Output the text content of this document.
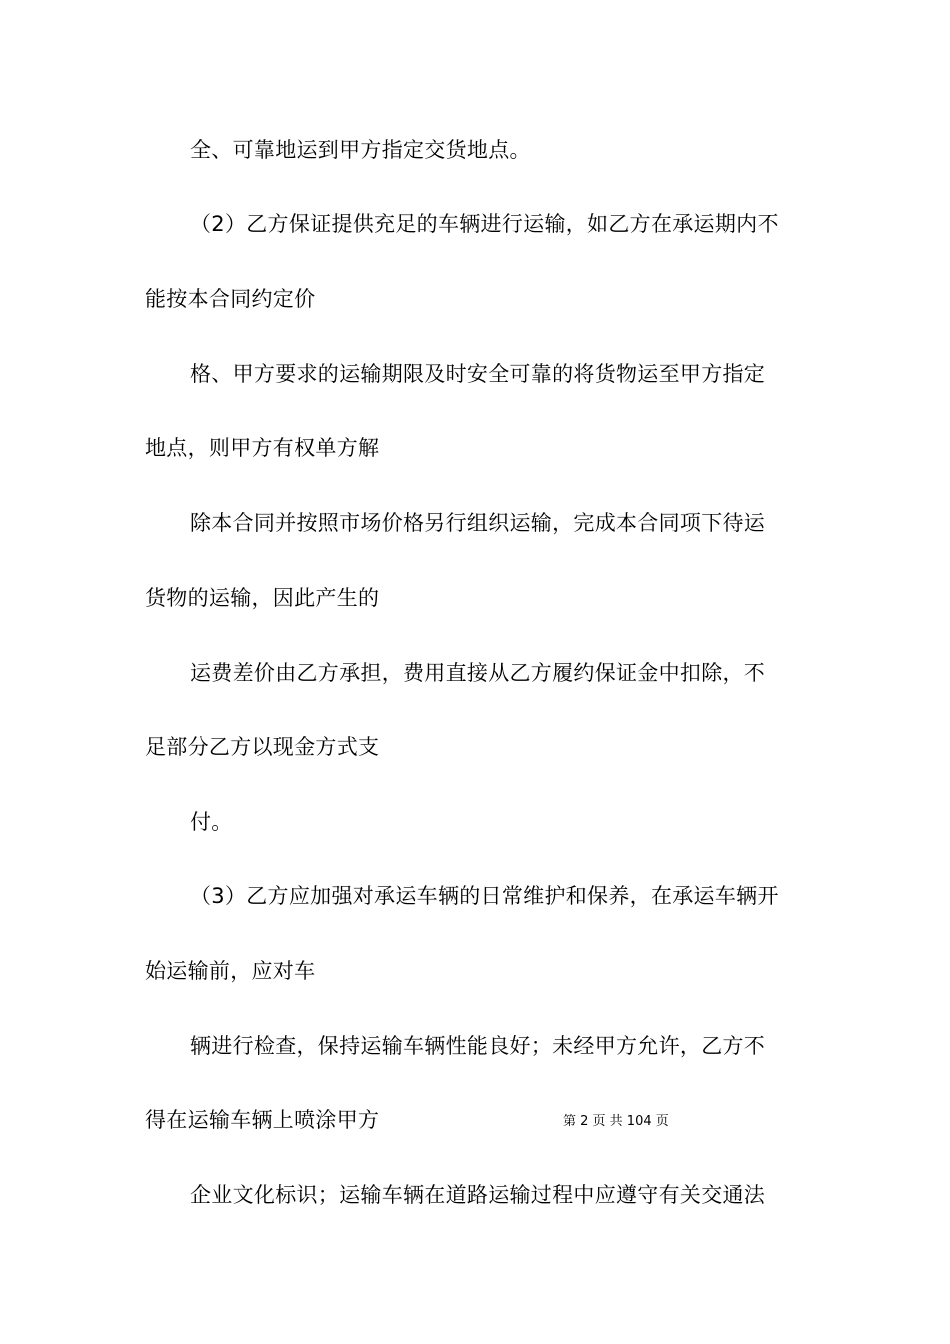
全、可靠地运到甲方指定交货地点。
（2）乙方保证提供充足的车辆进行运输，如乙方在承运期内不
能按本合同约定价
格、甲方要求的运输期限及时安全可靠的将货物运至甲方指定
地点，则甲方有权单方解
除本合同并按照市场价格另行组织运输，完成本合同项下待运
货物的运输，因此产生的
运费差价由乙方承担，费用直接从乙方履约保证金中扣除，不
足部分乙方以现金方式支
付。
（3）乙方应加强对承运车辆的日常维护和保养，在承运车辆开
始运输前，应对车
辆进行检查，保持运输车辆性能良好；未经甲方允许，乙方不
得在运输车辆上喷涂甲方
企业文化标识；运输车辆在道路运输过程中应遵守有关交通法
第 2 页 共 104 页
